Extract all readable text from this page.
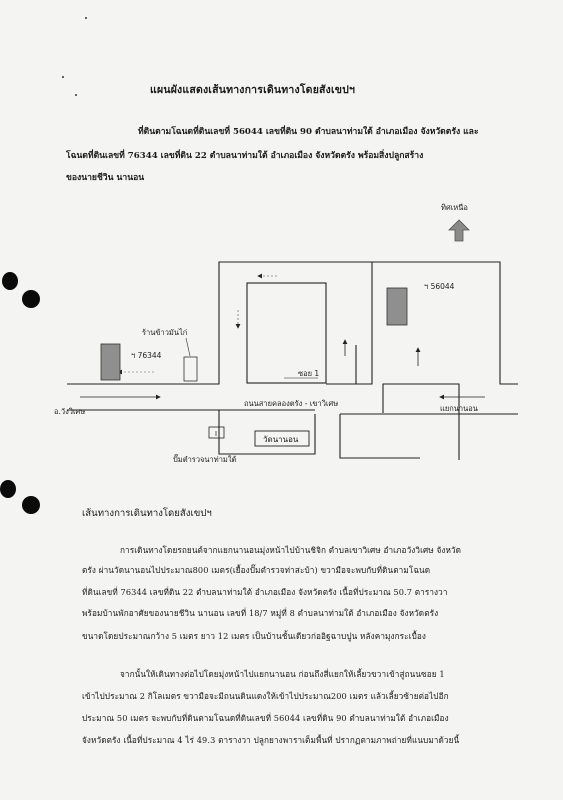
แผนผังแสดงเส้นทางการเดินทางโดยสังเขปฯ
ที่ดินตามโฉนดที่ดินเลขที่ 56044 เลขที่ดิน 90 ตำบลนาท่ามใต้ อำเภอเมือง จังหวัดตรัง และ
โฉนดที่ดินเลขที่ 76344 เลขที่ดิน 22 ตำบลนาท่ามใต้ อำเภอเมือง จังหวัดตรัง พร้อมสิ่งปลูกสร้าง
ของนายชีวิน นานอน
ทิศเหนือ
ฯ 56044
ฯ 76344
ร้านข้าวมันไก่
ซอย 1
อ.วังวิเศษ
ถนนสายคลองตรัง - เขาวิเศษ
แยกนานอน
วัดนานอน
ปั๊มตำรวจนาท่ามใต้
เส้นทางการเดินทางโดยสังเขปฯ
การเดินทางโดยรถยนต์จากแยกนานอนมุ่งหน้าไปบ้านชิจิก ตำบลเขาวิเศษ อำเภอวังวิเศษ จังหวัด
ตรัง ผ่านวัดนานอนไปประมาณ800 เมตร(เยื้องปั๊มตำรวจท่าสะบ้า) ขวามือจะพบกับที่ดินตามโฉนด
ที่ดินเลขที่ 76344 เลขที่ดิน 22 ตำบลนาท่ามใต้ อำเภอเมือง จังหวัดตรัง เนื้อที่ประมาณ 50.7 ตารางวา
พร้อมบ้านพักอาศัยของนายชีวิน นานอน เลขที่ 18/7 หมู่ที่ 8 ตำบลนาท่ามใต้ อำเภอเมือง จังหวัดตรัง
ขนาดโดยประมาณกว้าง 5 เมตร ยาว 12 เมตร เป็นบ้านชั้นเดียวก่ออิฐฉาบปูน หลังคามุงกระเบื้อง
จากนั้นให้เดินทางต่อไปโดยมุ่งหน้าไปแยกนานอน ก่อนถึงสี่แยกให้เลี้ยวขวาเข้าสู่ถนนซอย 1
เข้าไปประมาณ 2 กิโลเมตร ขวามือจะมีถนนดินแดงให้เข้าไปประมาณ200 เมตร แล้วเลี้ยวซ้ายต่อไปอีก
ประมาณ 50 เมตร จะพบกับที่ดินตามโฉนดที่ดินเลขที่ 56044 เลขที่ดิน 90 ตำบลนาท่ามใต้ อำเภอเมือง
จังหวัดตรัง เนื้อที่ประมาณ 4 ไร่ 49.3 ตารางวา ปลูกยางพาราเต็มพื้นที่ ปรากฏตามภาพถ่ายที่แนบมาด้วยนี้
